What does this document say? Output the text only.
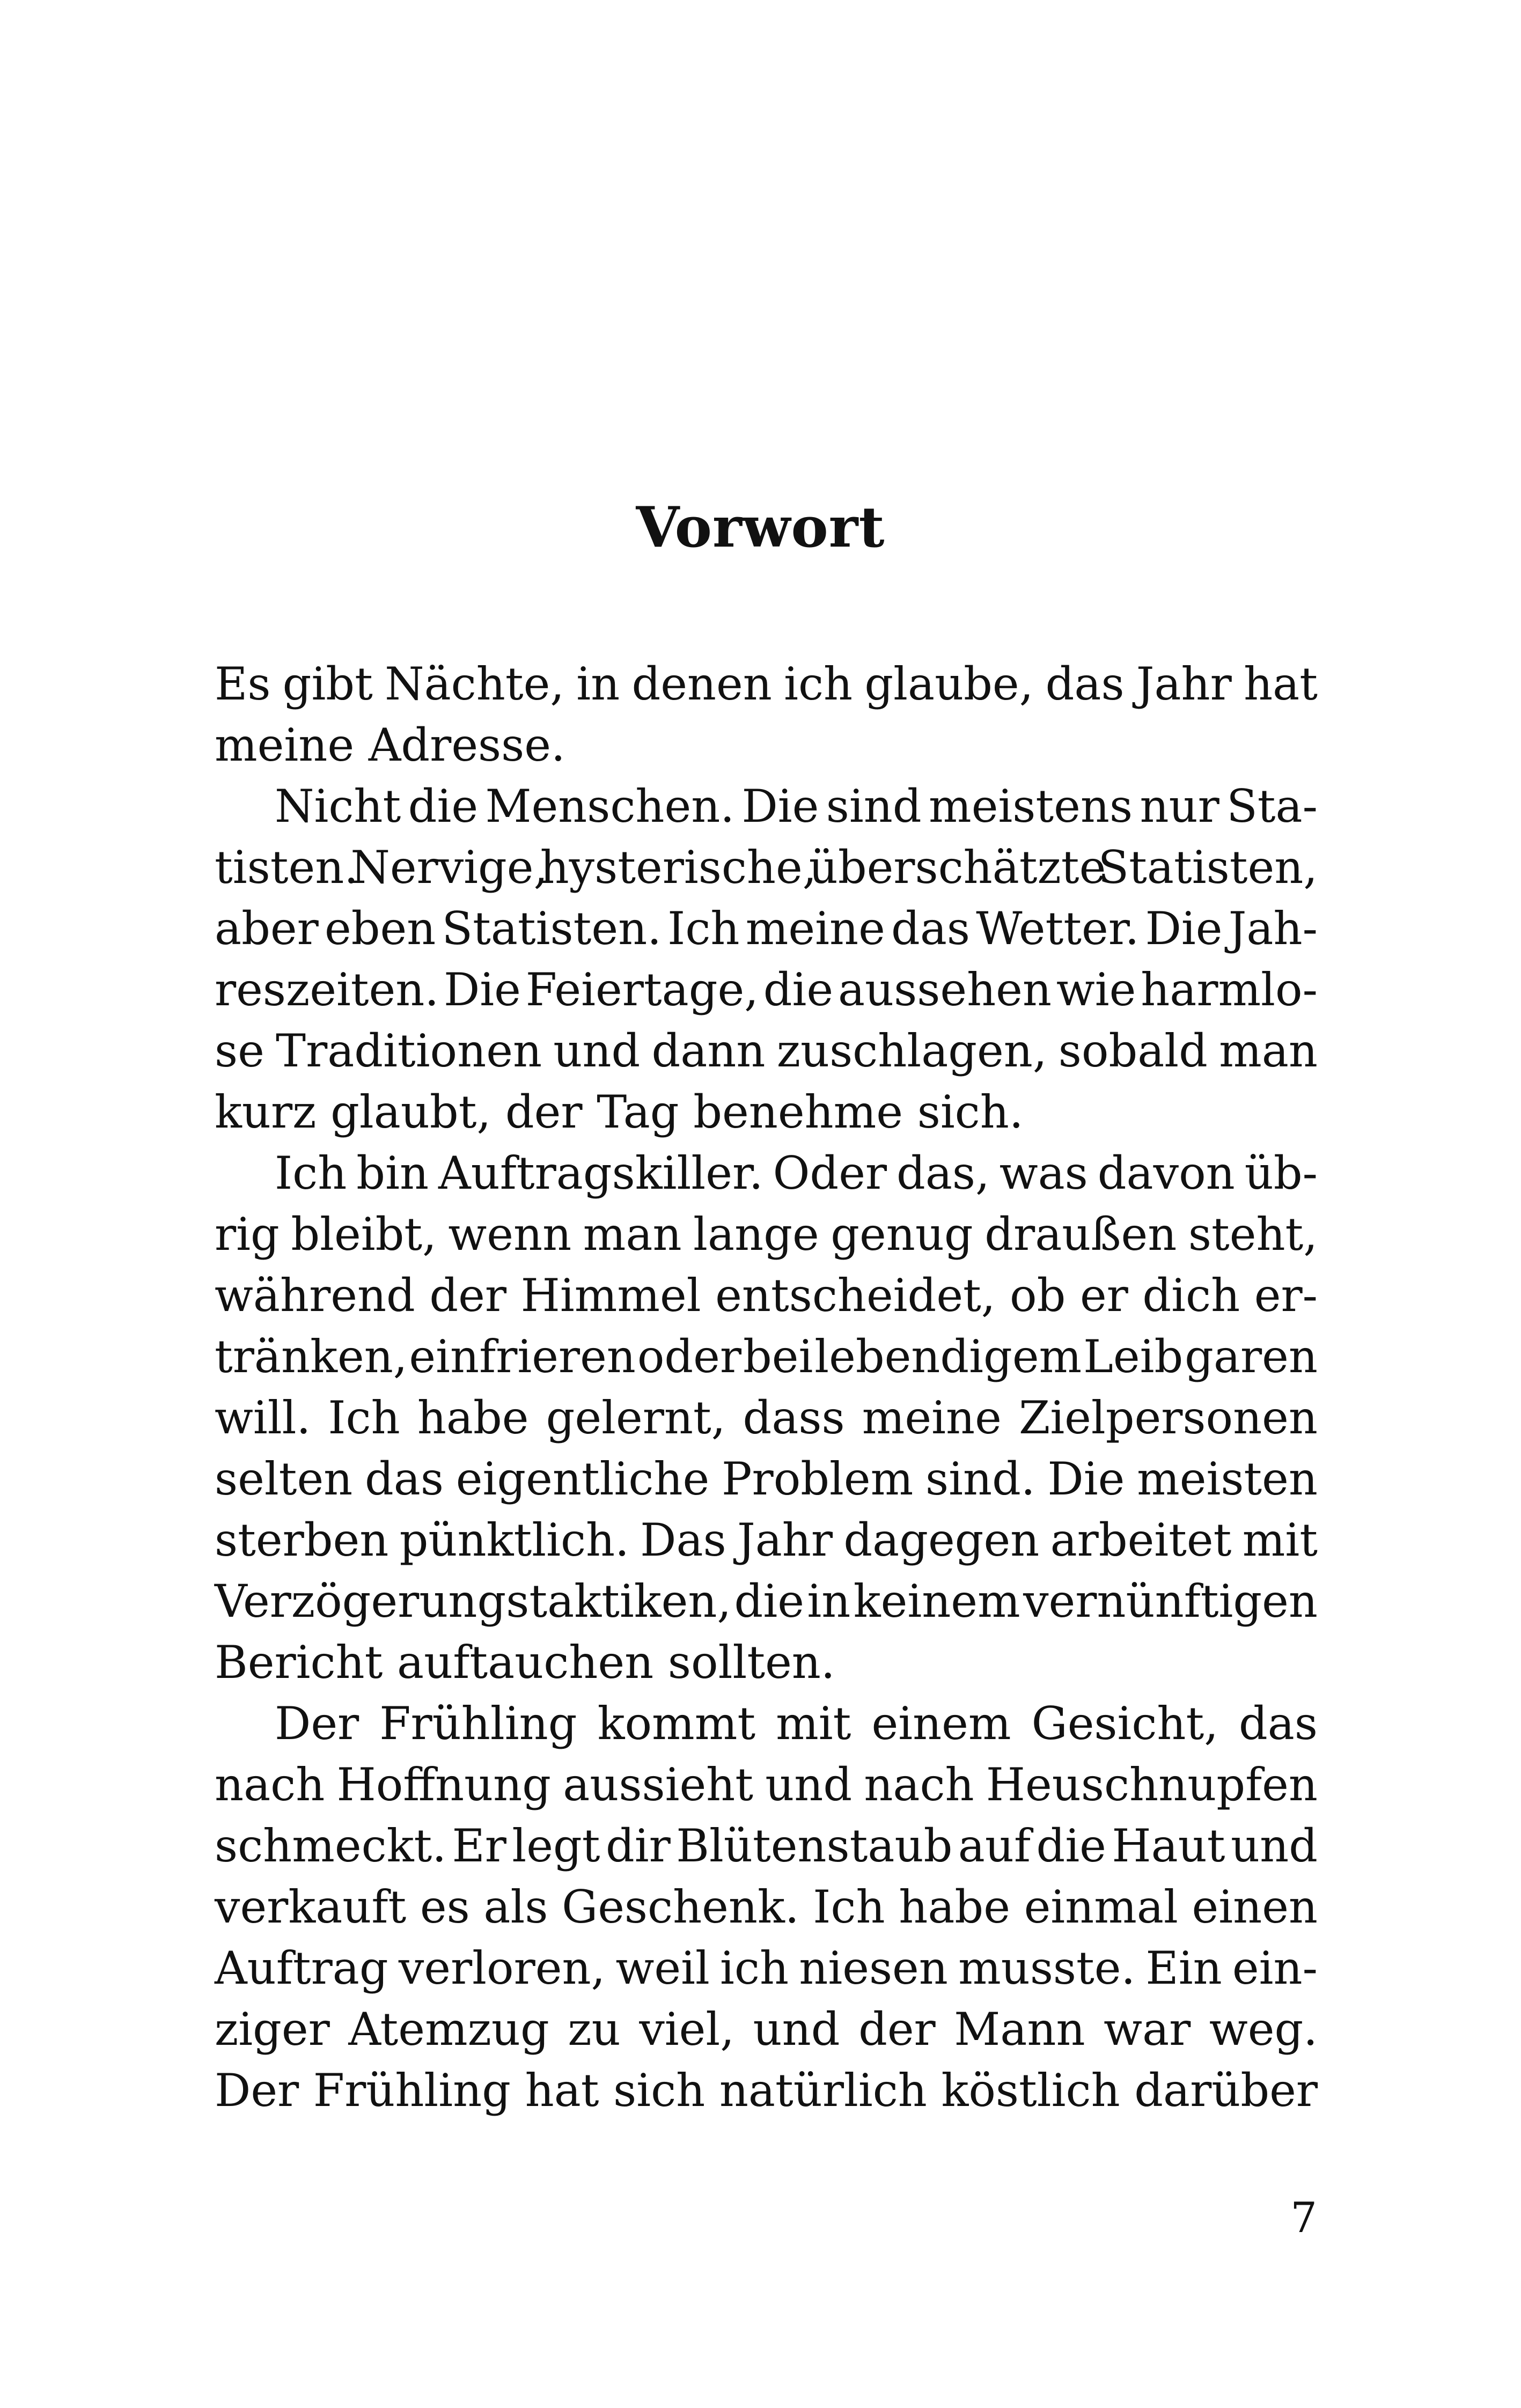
Vorwort
Es gibt Nächte, in denen ich glaube, das Jahr hat
meine Adresse.
Nicht die Menschen. Die sind meistens nur Sta-
tisten. Nervige, hysterische, überschätzte Statisten,
aber eben Statisten. Ich meine das Wetter. Die Jah-
reszeiten. Die Feiertage, die aussehen wie harmlo-
se Traditionen und dann zuschlagen, sobald man
kurz glaubt, der Tag benehme sich.
Ich bin Auftragskiller. Oder das, was davon üb-
rig bleibt, wenn man lange genug draußen steht,
während der Himmel entscheidet, ob er dich er-
tränken, einfrieren oder bei lebendigem Leib garen
will. Ich habe gelernt, dass meine Zielpersonen
selten das eigentliche Problem sind. Die meisten
sterben pünktlich. Das Jahr dagegen arbeitet mit
Verzögerungstaktiken, die in keinem vernünftigen
Bericht auftauchen sollten.
Der Frühling kommt mit einem Gesicht, das
nach Hoffnung aussieht und nach Heuschnupfen
schmeckt. Er legt dir Blütenstaub auf die Haut und
verkauft es als Geschenk. Ich habe einmal einen
Auftrag verloren, weil ich niesen musste. Ein ein-
ziger Atemzug zu viel, und der Mann war weg.
Der Frühling hat sich natürlich köstlich darüber
7
